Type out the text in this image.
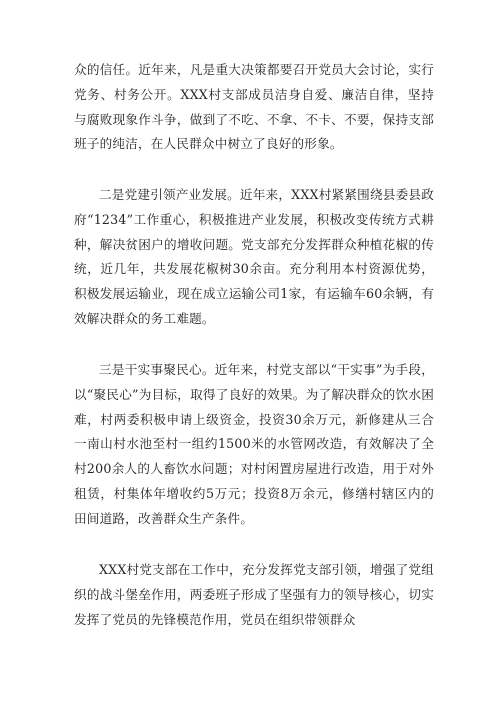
众的信任。近年来，凡是重大决策都要召开党员大会讨论，实行党务、村务公开。XXX村支部成员洁身自爱、廉洁自律，坚持与腐败现象作斗争，做到了不吃、不拿、不卡、不要，保持支部班子的纯洁，在人民群众中树立了良好的形象。

二是党建引领产业发展。近年来，XXX村紧紧围绕县委县政府“1234”工作重心，积极推进产业发展，积极改变传统方式耕种，解决贫困户的增收问题。党支部充分发挥群众种植花椒的传统，近几年，共发展花椒树30余亩。充分利用本村资源优势，积极发展运输业，现在成立运输公司1家，有运输车60余辆，有效解决群众的务工难题。

三是干实事聚民心。近年来，村党支部以“干实事”为手段，以“聚民心”为目标，取得了良好的效果。为了解决群众的饮水困难，村两委积极申请上级资金，投资30余万元，新修建从三合一南山村水池至村一组约1500米的水管网改造，有效解决了全村200余人的人畜饮水问题；对村闲置房屋进行改造，用于对外租赁，村集体年增收约5万元；投资8万余元，修缮村辖区内的田间道路，改善群众生产条件。

XXX村党支部在工作中，充分发挥党支部引领，增强了党组织的战斗堡垒作用，两委班子形成了坚强有力的领导核心，切实发挥了党员的先锋模范作用，党员在组织带领群众
